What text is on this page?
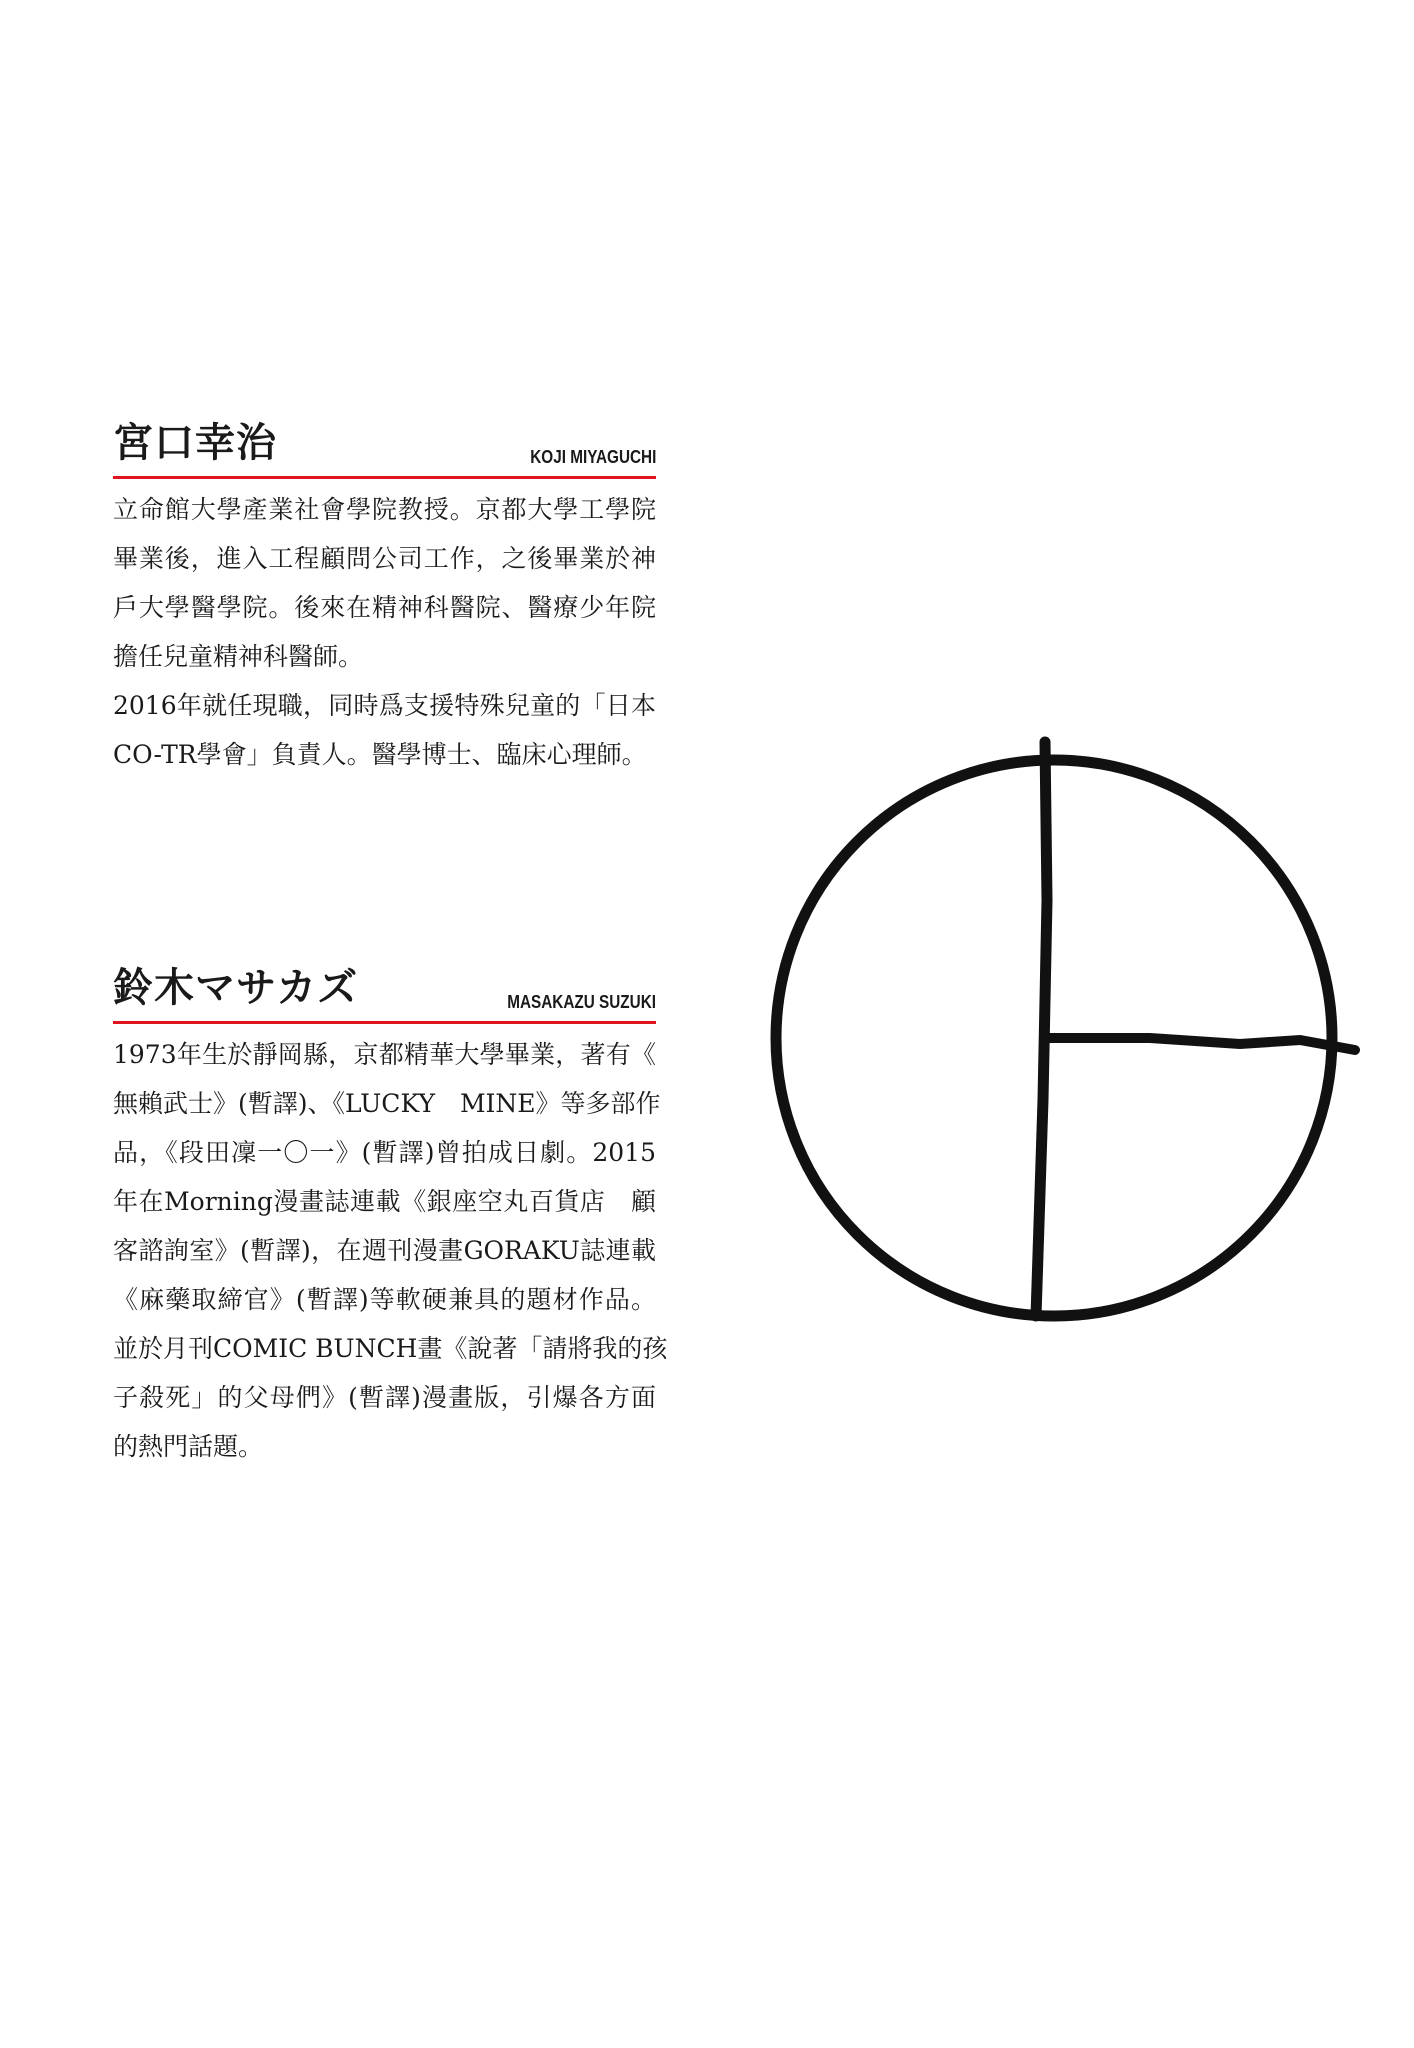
宮口幸治	KOJI MIYAGUCHI
立命館大學產業社會學院教授。京都大學工學院
畢業後，進入工程顧問公司工作，之後畢業於神
戶大學醫學院。後來在精神科醫院、醫療少年院
擔任兒童精神科醫師。
2016年就任現職，同時爲支援特殊兒童的「日本
CO-TR學會」負責人。醫學博士、臨床心理師。
鈴木マサカズ	MASAKAZU SUZUKI
1973年生於靜岡縣，京都精華大學畢業，著有《
無賴武士》(暫譯)、《LUCKY　MINE》等多部作
品，《段田凜一〇一》(暫譯)曾拍成日劇。2015
年在Morning漫畫誌連載《銀座空丸百貨店　顧
客諮詢室》(暫譯)，在週刊漫畫GORAKU誌連載
《麻藥取締官》(暫譯)等軟硬兼具的題材作品。
並於月刊COMIC BUNCH畫《說著「請將我的孩
子殺死」的父母們》(暫譯)漫畫版，引爆各方面
的熱門話題。
